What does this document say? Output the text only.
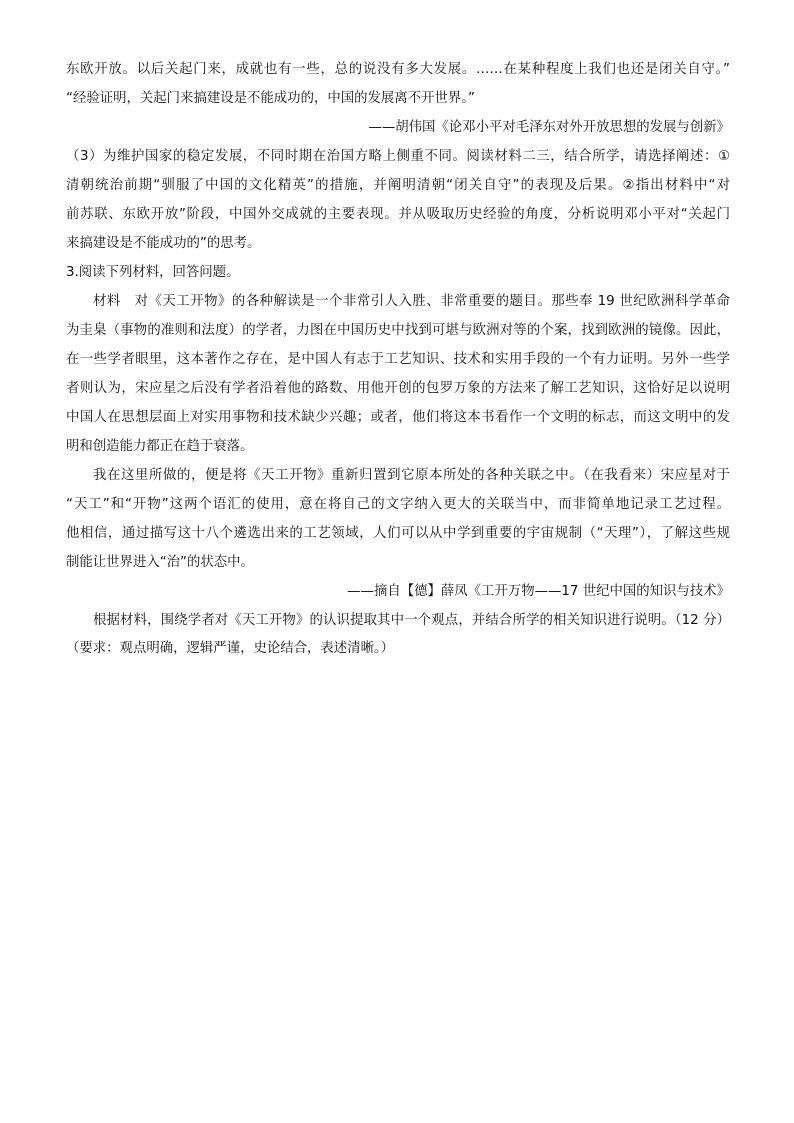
东欧开放。以后关起门来，成就也有一些，总的说没有多大发展。……在某种程度上我们也还是闭关自守。”
“经验证明，关起门来搞建设是不能成功的，中国的发展离不开世界。”
——胡伟国《论邓小平对毛泽东对外开放思想的发展与创新》
（3）为维护国家的稳定发展，不同时期在治国方略上侧重不同。阅读材料二三，结合所学，请选择阐述：①
清朝统治前期“驯服了中国的文化精英”的措施，并阐明清朝“闭关自守”的表现及后果。②指出材料中“对
前苏联、东欧开放”阶段，中国外交成就的主要表现。并从吸取历史经验的角度，分析说明邓小平对“关起门
来搞建设是不能成功的”的思考。
3.阅读下列材料，回答问题。
材料　对《天工开物》的各种解读是一个非常引人入胜、非常重要的题目。那些奉 19 世纪欧洲科学革命
为圭臬（事物的准则和法度）的学者，力图在中国历史中找到可堪与欧洲对等的个案，找到欧洲的镜像。因此，
在一些学者眼里，这本著作之存在，是中国人有志于工艺知识、技术和实用手段的一个有力证明。另外一些学
者则认为，宋应星之后没有学者沿着他的路数、用他开创的包罗万象的方法来了解工艺知识，这恰好足以说明
中国人在思想层面上对实用事物和技术缺少兴趣；或者，他们将这本书看作一个文明的标志，而这文明中的发
明和创造能力都正在趋于衰落。
我在这里所做的，便是将《天工开物》重新归置到它原本所处的各种关联之中。（在我看来）宋应星对于
“天工”和“开物”这两个语汇的使用，意在将自己的文字纳入更大的关联当中，而非简单地记录工艺过程。
他相信，通过描写这十八个遴选出来的工艺领域，人们可以从中学到重要的宇宙规制（“天理”），了解这些规
制能让世界进入“治”的状态中。
——摘自【德】薛凤《工开万物——17 世纪中国的知识与技术》
根据材料，围绕学者对《天工开物》的认识提取其中一个观点，并结合所学的相关知识进行说明。（12 分）
（要求：观点明确，逻辑严谨，史论结合，表述清晰。）
